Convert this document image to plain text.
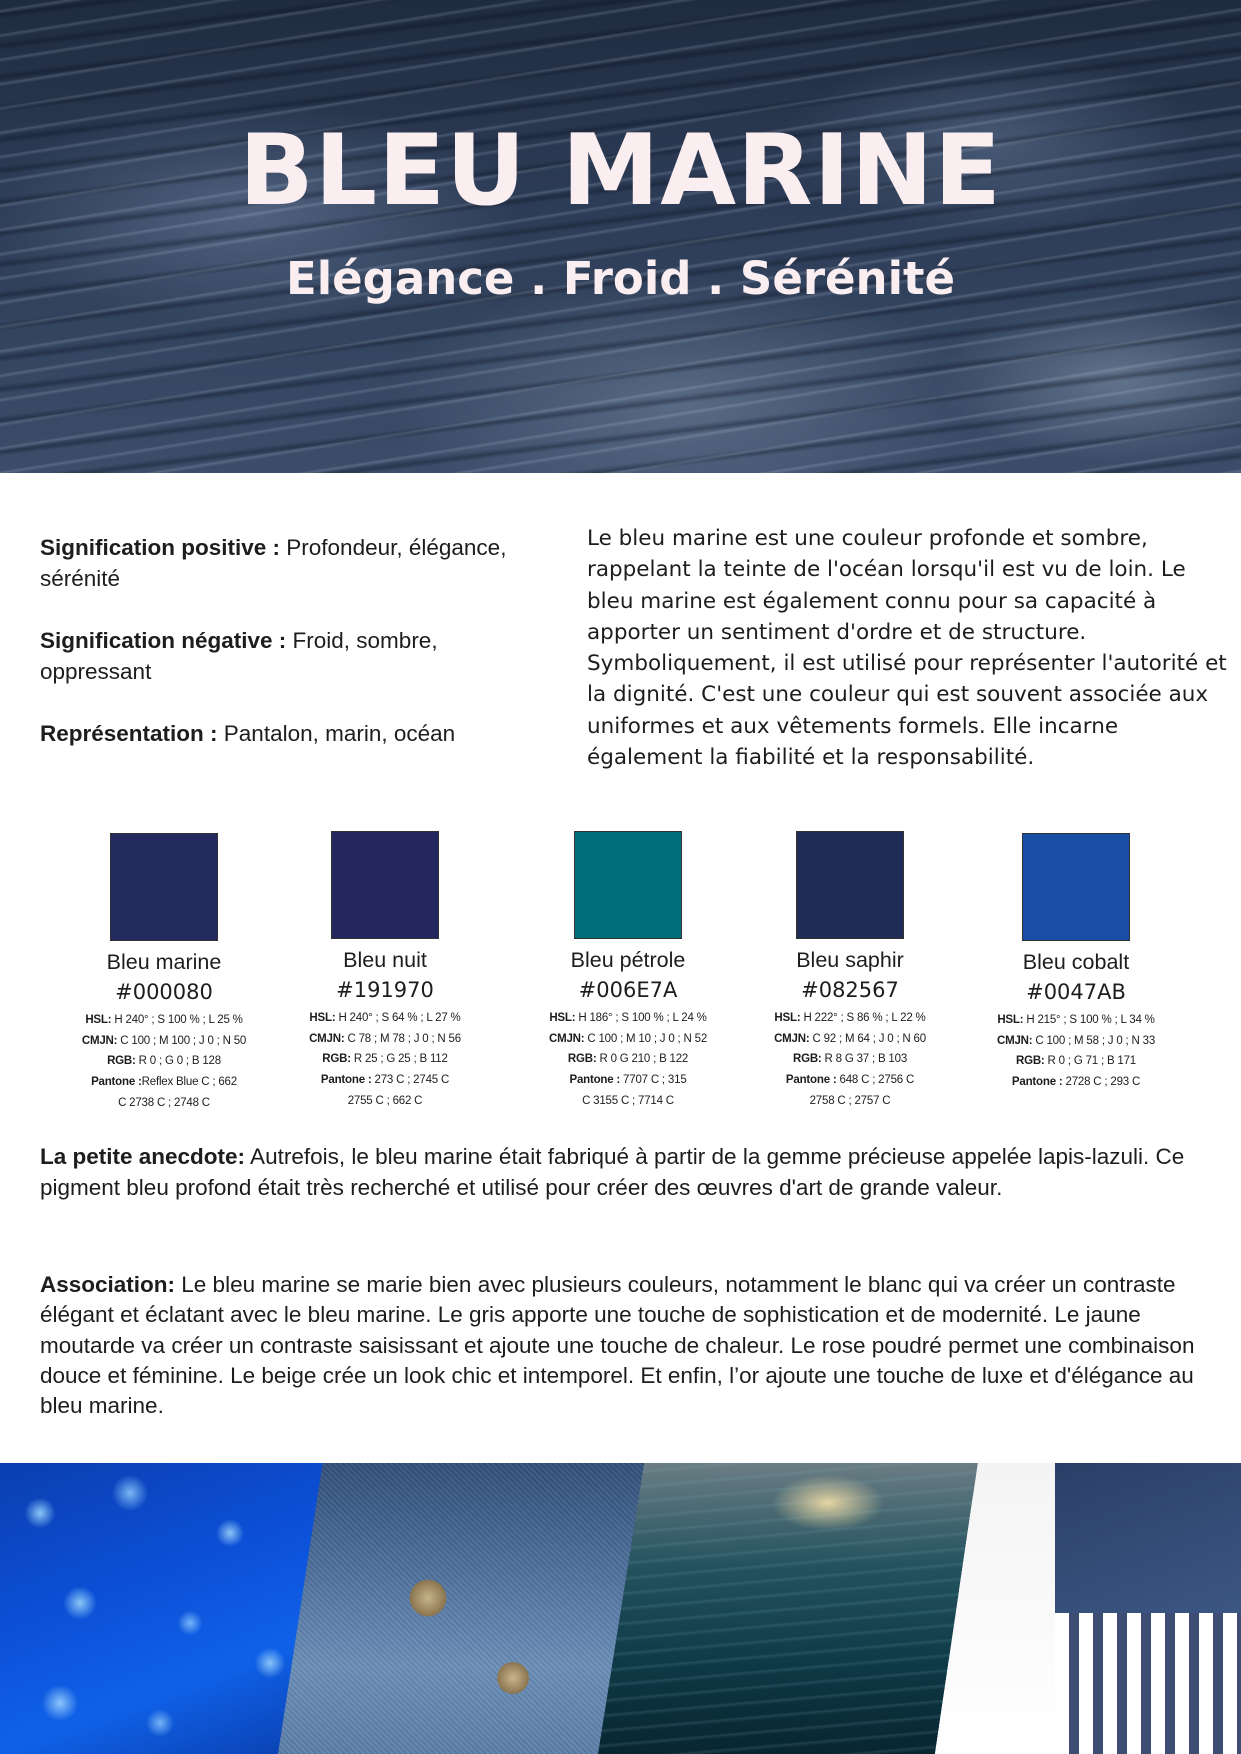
BLEU MARINE
Elégance . Froid . Sérénité

Signification positive : Profondeur, élégance, sérénité

Signification négative : Froid, sombre, oppressant

Représentation : Pantalon, marin, océan

Le bleu marine est une couleur profonde et sombre, rappelant la teinte de l'océan lorsqu'il est vu de loin. Le bleu marine est également connu pour sa capacité à apporter un sentiment d'ordre et de structure. Symboliquement, il est utilisé pour représenter l'autorité et la dignité. C'est une couleur qui est souvent associée aux uniformes et aux vêtements formels. Elle incarne également la fiabilité et la responsabilité.

Bleu marine
#000080
HSL: H 240° ; S 100 % ; L 25 %
CMJN: C 100 ; M 100 ; J 0 ; N 50
RGB: R 0 ; G 0 ; B 128
Pantone :Reflex Blue C ; 662 C 2738 C ; 2748 C
Bleu nuit
#191970
HSL: H 240° ; S 64 % ; L 27 %
CMJN: C 78 ; M 78 ; J 0 ; N 56
RGB: R 25 ; G 25 ; B 112
Pantone : 273 C ; 2745 C 2755 C ; 662 C
Bleu pétrole
#006E7A
HSL: H 186° ; S 100 % ; L 24 %
CMJN: C 100 ; M 10 ; J 0 ; N 52
RGB: R 0 G 210 ; B 122
Pantone : 7707 C ; 315 C 3155 C ; 7714 C
Bleu saphir
#082567
HSL: H 222° ; S 86 % ; L 22 %
CMJN: C 92 ; M 64 ; J 0 ; N 60
RGB: R 8 G 37 ; B 103
Pantone : 648 C ; 2756 C 2758 C ; 2757 C
Bleu cobalt
#0047AB
HSL: H 215° ; S 100 % ; L 34 %
CMJN: C 100 ; M 58 ; J 0 ; N 33
RGB: R 0 ; G 71 ; B 171
Pantone : 2728 C ; 293 C

La petite anecdote: Autrefois, le bleu marine était fabriqué à partir de la gemme précieuse appelée lapis-lazuli. Ce pigment bleu profond était très recherché et utilisé pour créer des œuvres d'art de grande valeur.

Association: Le bleu marine se marie bien avec plusieurs couleurs, notamment le blanc qui va créer un contraste élégant et éclatant avec le bleu marine. Le gris apporte une touche de sophistication et de modernité. Le jaune moutarde va créer un contraste saisissant et ajoute une touche de chaleur. Le rose poudré permet une combinaison douce et féminine. Le beige crée un look chic et intemporel. Et enfin, l’or ajoute une touche de luxe et d'élégance au bleu marine.
